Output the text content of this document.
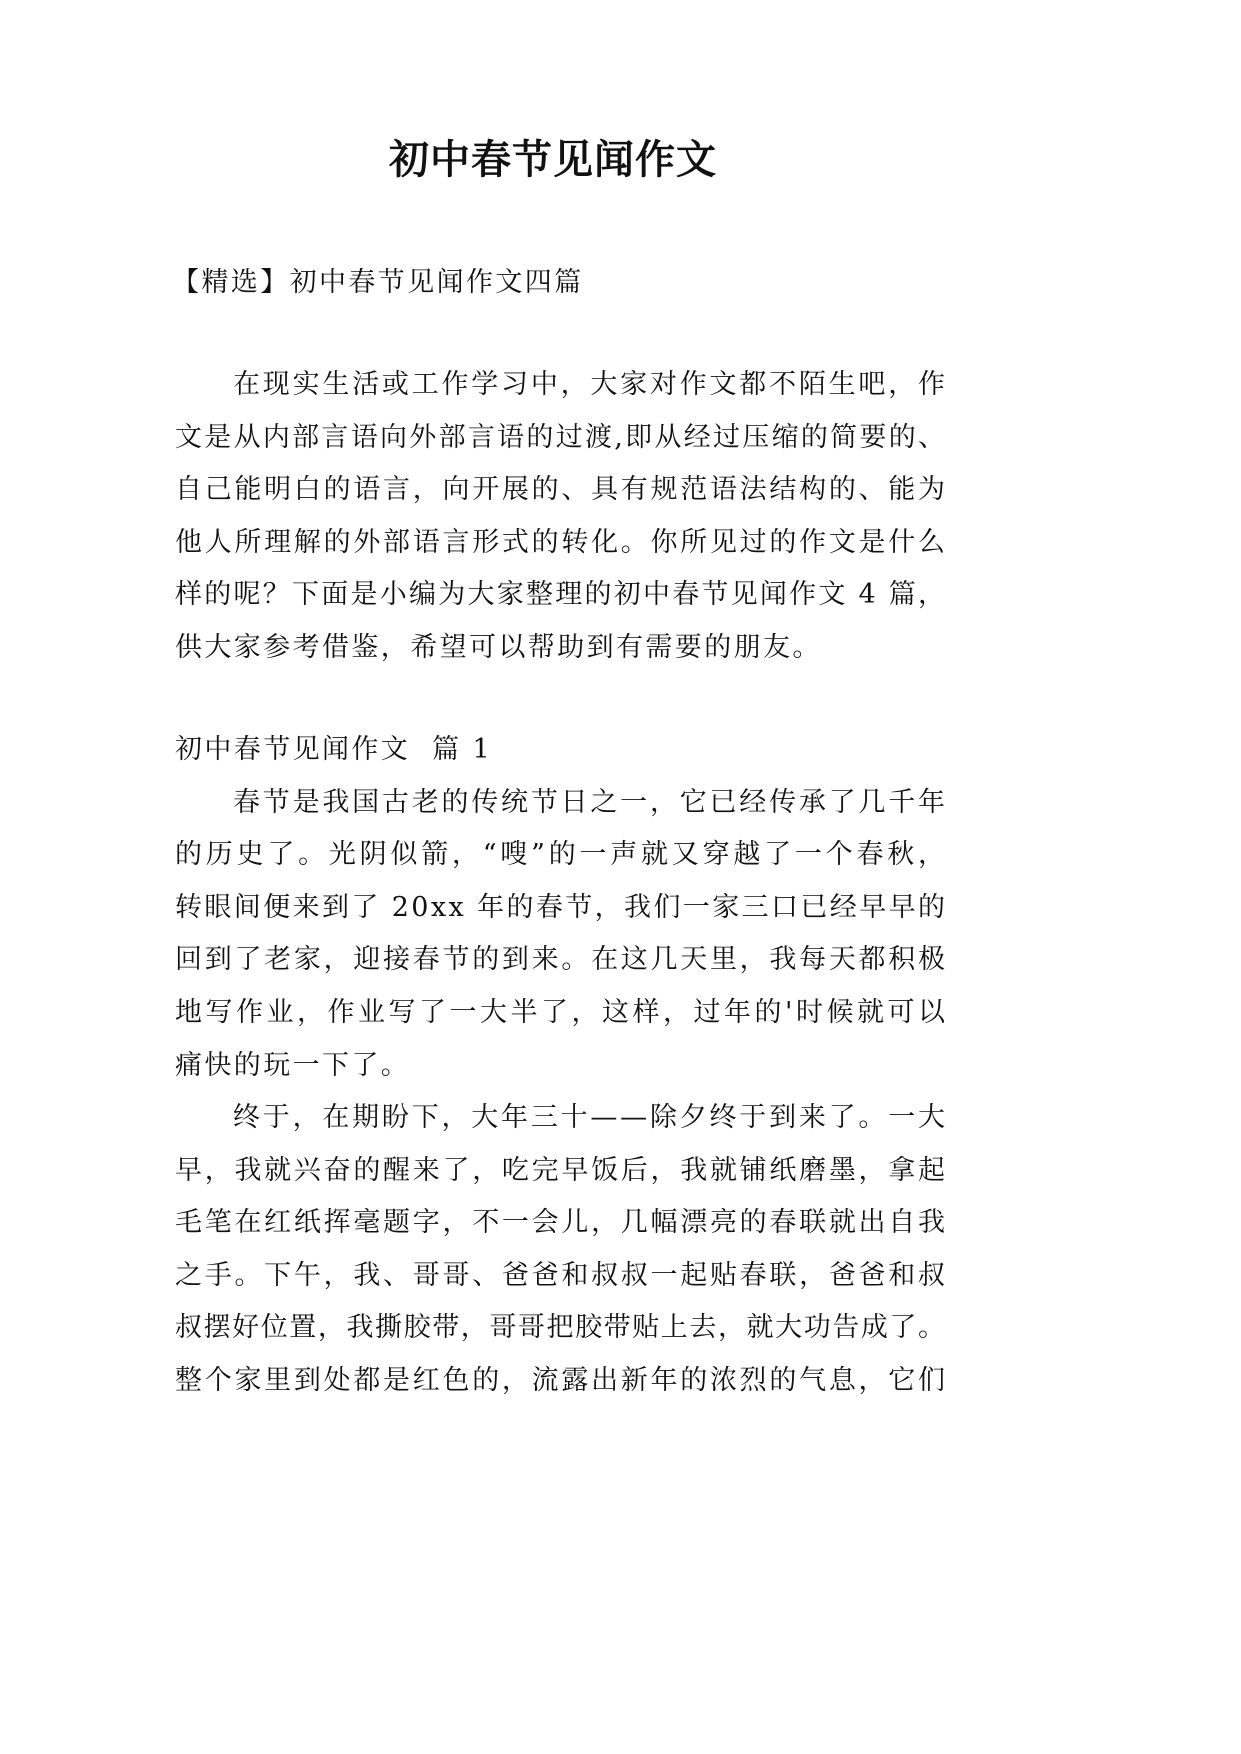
初中春节见闻作文
【精选】初中春节见闻作文四篇
在现实生活或工作学习中，大家对作文都不陌生吧，作
文是从内部言语向外部言语的过渡,即从经过压缩的简要的、
自己能明白的语言，向开展的、具有规范语法结构的、能为
他人所理解的外部语言形式的转化。你所见过的作文是什么
样的呢？下面是小编为大家整理的初中春节见闻作文 4 篇，
供大家参考借鉴，希望可以帮助到有需要的朋友。
初中春节见闻作文  篇 1
春节是我国古老的传统节日之一，它已经传承了几千年
的历史了。光阴似箭，“嗖”的一声就又穿越了一个春秋，
转眼间便来到了 20xx 年的春节，我们一家三口已经早早的
回到了老家，迎接春节的到来。在这几天里，我每天都积极
地写作业，作业写了一大半了，这样，过年的'时候就可以
痛快的玩一下了。
终于，在期盼下，大年三十——除夕终于到来了。一大
早，我就兴奋的醒来了，吃完早饭后，我就铺纸磨墨，拿起
毛笔在红纸挥毫题字，不一会儿，几幅漂亮的春联就出自我
之手。下午，我、哥哥、爸爸和叔叔一起贴春联，爸爸和叔
叔摆好位置，我撕胶带，哥哥把胶带贴上去，就大功告成了。
整个家里到处都是红色的，流露出新年的浓烈的气息，它们
